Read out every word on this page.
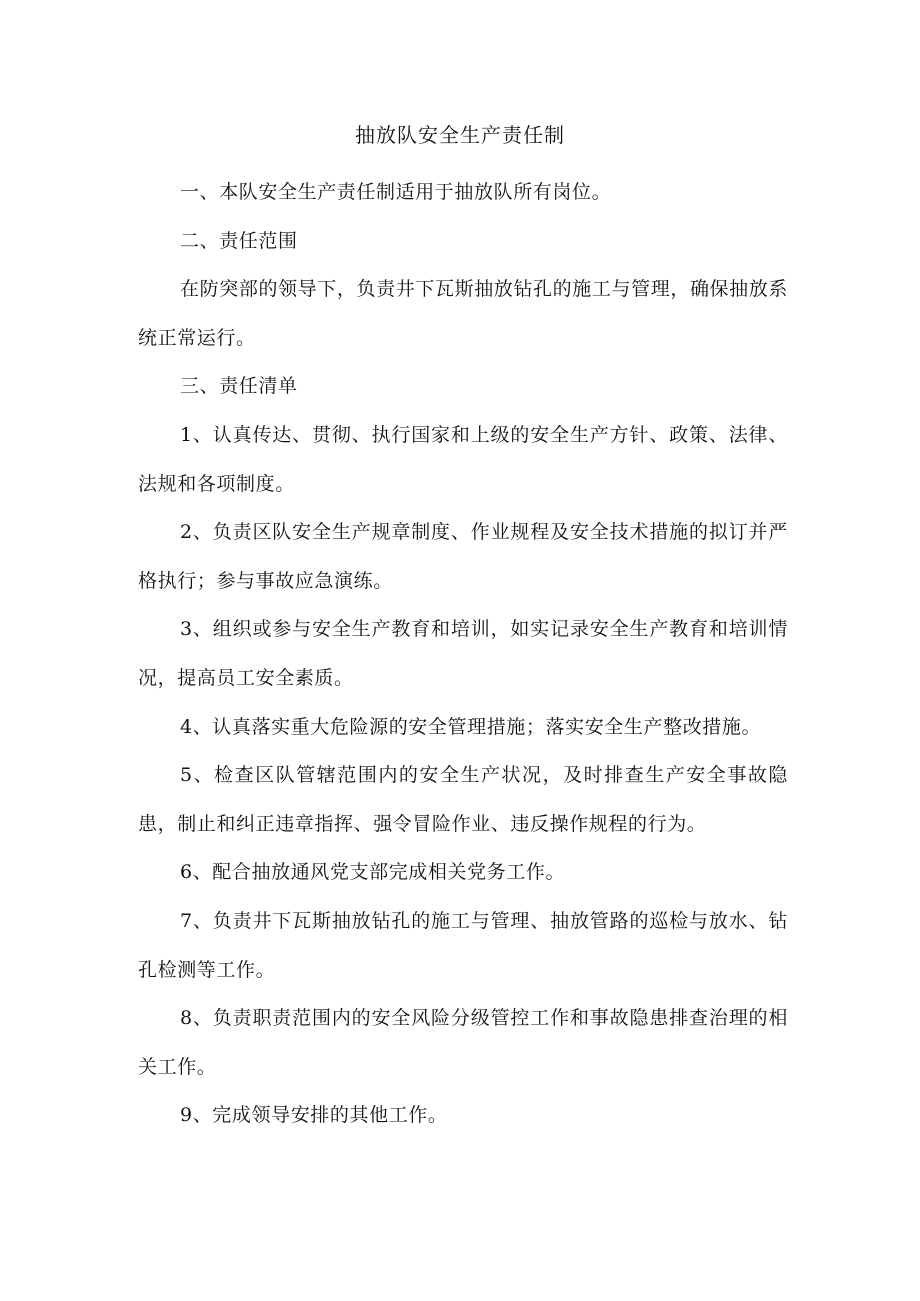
抽放队安全生产责任制

一、本队安全生产责任制适用于抽放队所有岗位。

二、责任范围

在防突部的领导下，负责井下瓦斯抽放钻孔的施工与管理，确保抽放系统正常运行。

三、责任清单

1、认真传达、贯彻、执行国家和上级的安全生产方针、政策、法律、法规和各项制度。

2、负责区队安全生产规章制度、作业规程及安全技术措施的拟订并严格执行；参与事故应急演练。

3、组织或参与安全生产教育和培训，如实记录安全生产教育和培训情况，提高员工安全素质。

4、认真落实重大危险源的安全管理措施；落实安全生产整改措施。

5、检查区队管辖范围内的安全生产状况，及时排查生产安全事故隐患，制止和纠正违章指挥、强令冒险作业、违反操作规程的行为。

6、配合抽放通风党支部完成相关党务工作。

7、负责井下瓦斯抽放钻孔的施工与管理、抽放管路的巡检与放水、钻孔检测等工作。

8、负责职责范围内的安全风险分级管控工作和事故隐患排查治理的相关工作。

9、完成领导安排的其他工作。
